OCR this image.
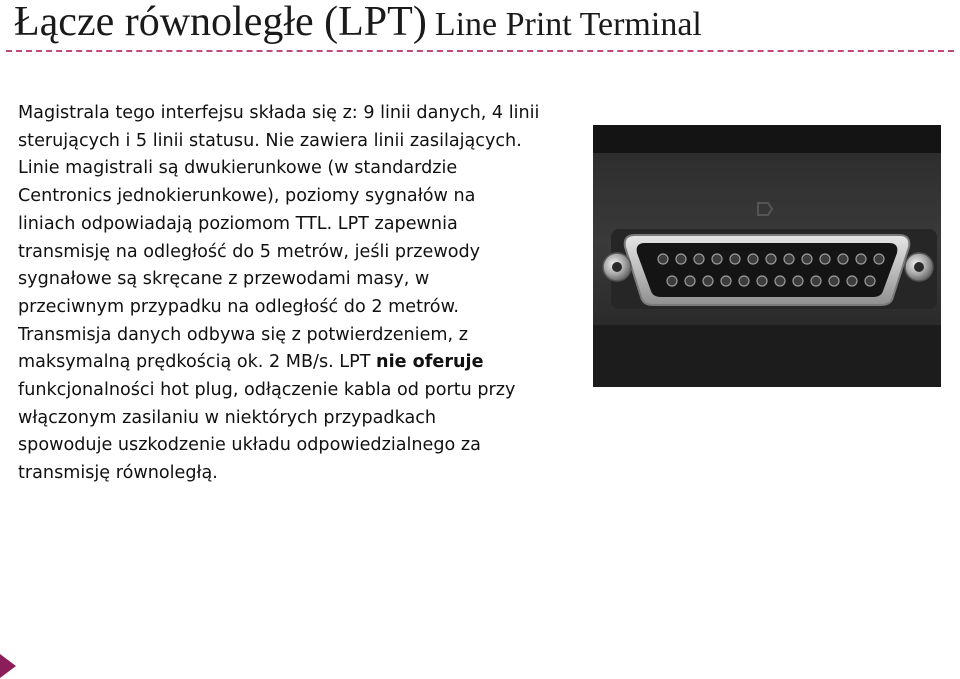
Łącze równoległe (LPT) Line Print Terminal
Magistrala tego interfejsu składa się z: 9 linii danych, 4 linii
sterujących i 5 linii statusu. Nie zawiera linii zasilających.
Linie magistrali są dwukierunkowe (w standardzie
Centronics jednokierunkowe), poziomy sygnałów na
liniach odpowiadają poziomom TTL. LPT zapewnia
transmisję na odległość do 5 metrów, jeśli przewody
sygnałowe są skręcane z przewodami masy, w
przeciwnym przypadku na odległość do 2 metrów.
Transmisja danych odbywa się z potwierdzeniem, z
maksymalną prędkością ok. 2 MB/s. LPT nie oferuje
funkcjonalności hot plug, odłączenie kabla od portu przy
włączonym zasilaniu w niektórych przypadkach
spowoduje uszkodzenie układu odpowiedzialnego za
transmisję równoległą.
